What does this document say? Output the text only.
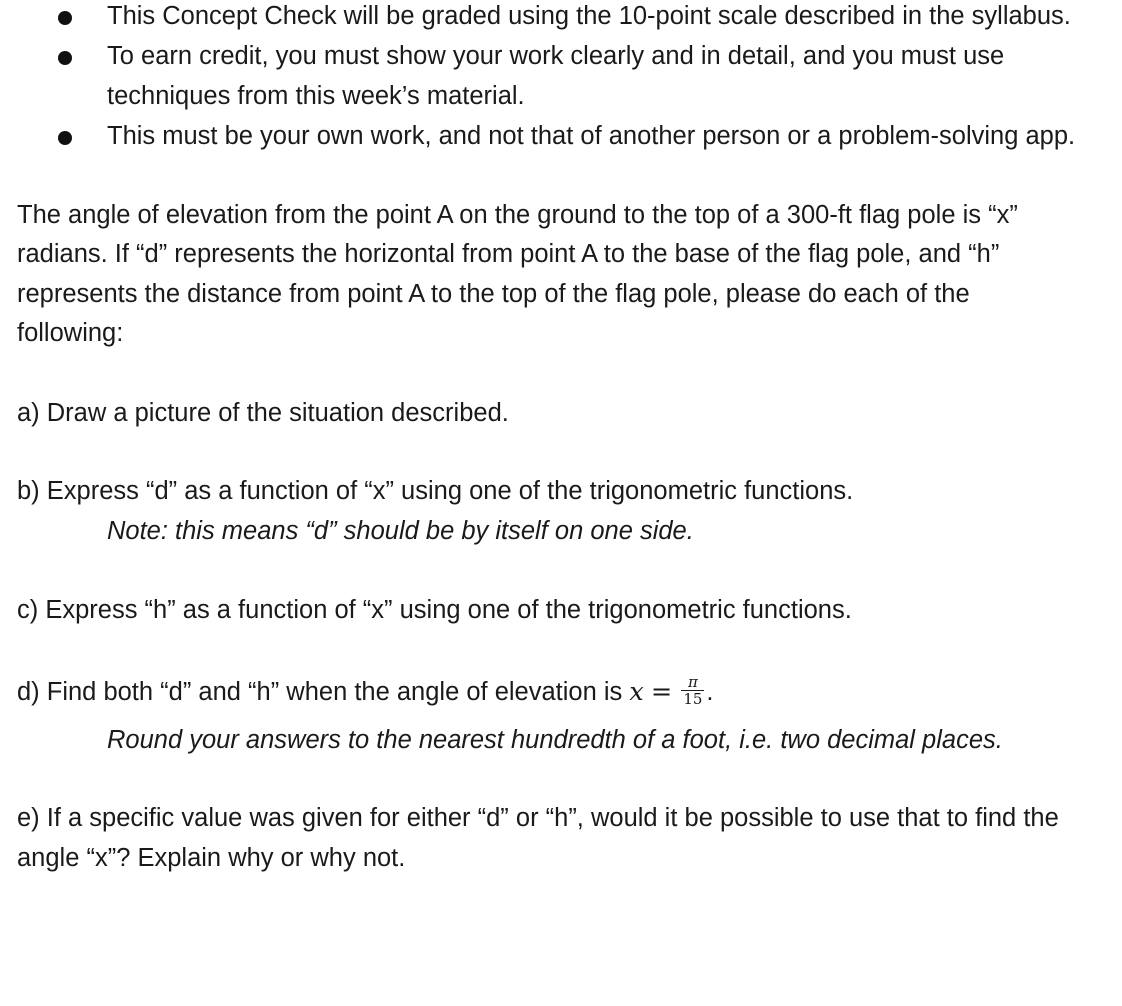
This Concept Check will be graded using the 10-point scale described in the syllabus.
To earn credit, you must show your work clearly and in detail, and you must use
techniques from this week’s material.
This must be your own work, and not that of another person or a problem-solving app.
The angle of elevation from the point A on the ground to the top of a 300-ft flag pole is “x”
radians. If “d” represents the horizontal from point A to the base of the flag pole, and “h”
represents the distance from point A to the top of the flag pole, please do each of the
following:
a) Draw a picture of the situation described.
b) Express “d” as a function of “x” using one of the trigonometric functions.
Note: this means “d” should be by itself on one side.
c) Express “h” as a function of “x” using one of the trigonometric functions.
d) Find both “d” and “h” when the angle of elevation is $x = \frac{\pi}{15}$ .
Round your answers to the nearest hundredth of a foot, i.e. two decimal places.
e) If a specific value was given for either “d” or “h”, would it be possible to use that to find the
angle “x”? Explain why or why not.
